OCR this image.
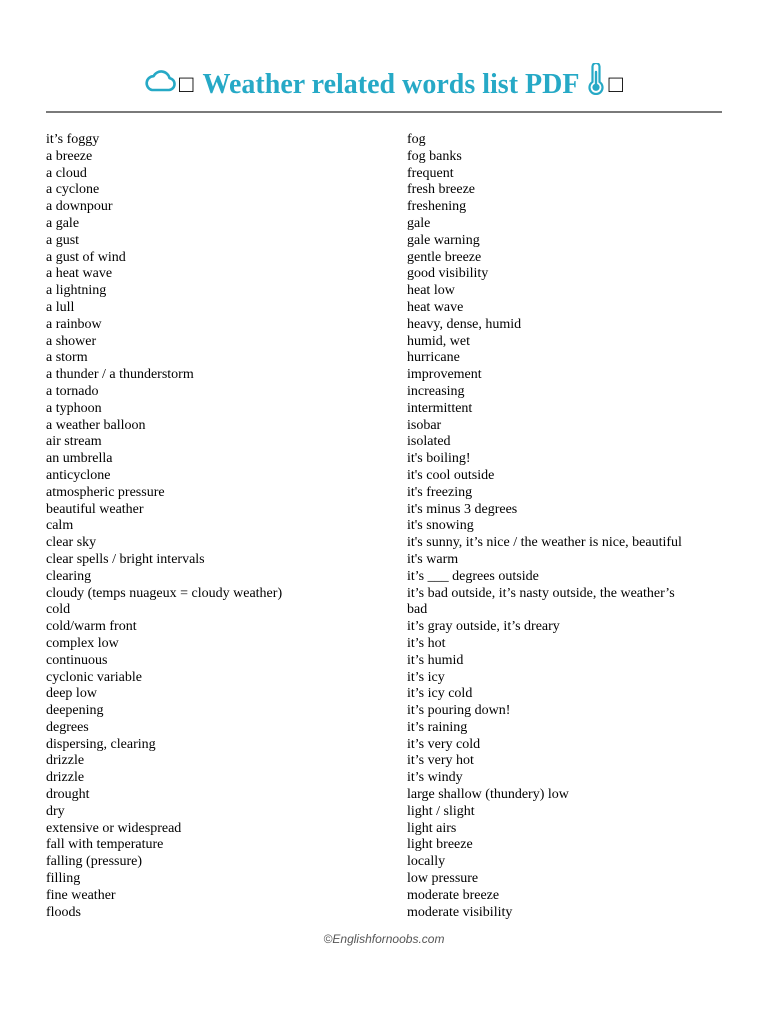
□ Weather related words list PDF □
it’s foggy
a breeze
a cloud
a cyclone
a downpour
a gale
a gust
a gust of wind
a heat wave
a lightning
a lull
a rainbow
a shower
a storm
a thunder / a thunderstorm
a tornado
a typhoon
a weather balloon
air stream
an umbrella
anticyclone
atmospheric pressure
beautiful weather
calm
clear sky
clear spells / bright intervals
clearing
cloudy (temps nuageux = cloudy weather)
cold
cold/warm front
complex low
continuous
cyclonic variable
deep low
deepening
degrees
dispersing, clearing
drizzle
drizzle
drought
dry
extensive or widespread
fall with temperature
falling (pressure)
filling
fine weather
floods
fog
fog banks
frequent
fresh breeze
freshening
gale
gale warning
gentle breeze
good visibility
heat low
heat wave
heavy, dense, humid
humid, wet
hurricane
improvement
increasing
intermittent
isobar
isolated
it's boiling!
it's cool outside
it's freezing
it's minus 3 degrees
it's snowing
it's sunny, it’s nice / the weather is nice, beautiful
it's warm
it’s ___ degrees outside
it’s bad outside, it’s nasty outside, the weather’s
bad
it’s gray outside, it’s dreary
it’s hot
it’s humid
it’s icy
it’s icy cold
it’s pouring down!
it’s raining
it’s very cold
it’s very hot
it’s windy
large shallow (thundery) low
light / slight
light airs
light breeze
locally
low pressure
moderate breeze
moderate visibility
©Englishfornoobs.com
